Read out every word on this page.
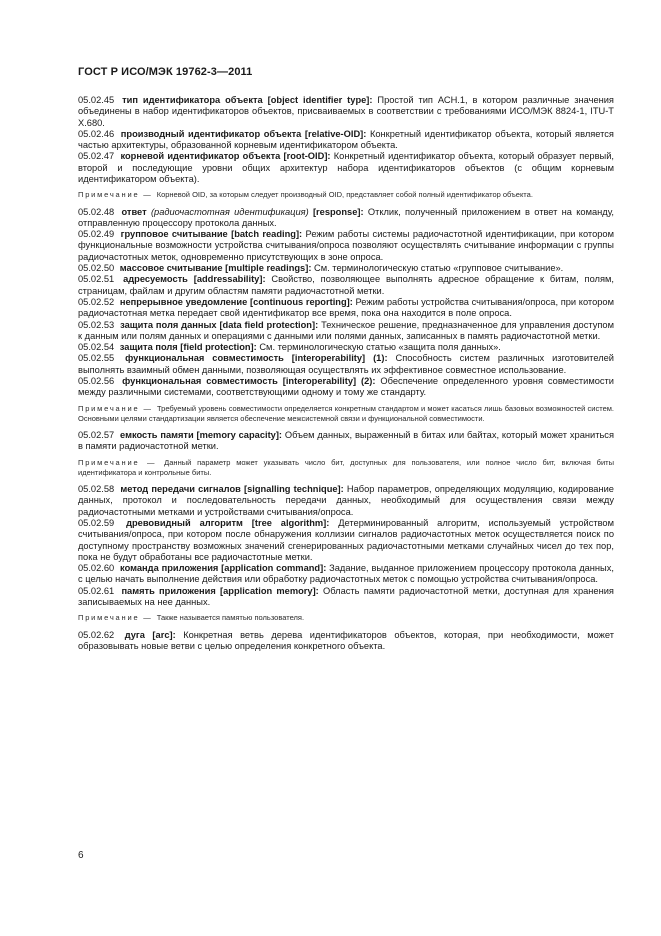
ГОСТ Р ИСО/МЭК 19762-3—2011

05.02.45 тип идентификатора объекта [object identifier type]: Простой тип АСН.1, в котором различные значения объединены в набор идентификаторов объектов, присваиваемых в соответствии с требованиями ИСО/МЭК 8824-1, ITU-T X.680.

05.02.46 производный идентификатор объекта [relative-OID]: Конкретный идентификатор объекта, который является частью архитектуры, образованной корневым идентификатором объекта.

05.02.47 корневой идентификатор объекта [root-OID]: Конкретный идентификатор объекта, который образует первый, второй и последующие уровни общих архитектур набора идентификаторов объектов (с общим корневым идентификатором объекта).

Примечание — Корневой OID, за которым следует производный OID, представляет собой полный идентификатор объекта.

05.02.48 ответ (радиочастотная идентификация) [response]: Отклик, полученный приложением в ответ на команду, отправленную процессору протокола данных.

05.02.49 групповое считывание [batch reading]: Режим работы системы радиочастотной идентификации, при котором функциональные возможности устройства считывания/опроса позволяют осуществлять считывание информации с группы радиочастотных меток, одновременно присутствующих в зоне опроса.

05.02.50 массовое считывание [multiple readings]: См. терминологическую статью «групповое считывание».

05.02.51 адресуемость [addressability]: Свойство, позволяющее выполнять адресное обращение к битам, полям, страницам, файлам и другим областям памяти радиочастотной метки.

05.02.52 непрерывное уведомление [continuous reporting]: Режим работы устройства считывания/опроса, при котором радиочастотная метка передает свой идентификатор все время, пока она находится в поле опроса.

05.02.53 защита поля данных [data field protection]: Техническое решение, предназначенное для управления доступом к данным или полям данных и операциями с данными или полями данных, записанных в память радиочастотной метки.

05.02.54 защита поля [field protection]: См. терминологическую статью «защита поля данных».

05.02.55 функциональная совместимость [interoperability] (1): Способность систем различных изготовителей выполнять взаимный обмен данными, позволяющая осуществлять их эффективное совместное использование.

05.02.56 функциональная совместимость [interoperability] (2): Обеспечение определенного уровня совместимости между различными системами, соответствующими одному и тому же стандарту.

Примечание — Требуемый уровень совместимости определяется конкретным стандартом и может касаться лишь базовых возможностей систем. Основными целями стандартизации является обеспечение межсистемной связи и функциональной совместимости.

05.02.57 емкость памяти [memory capacity]: Объем данных, выраженный в битах или байтах, который может храниться в памяти радиочастотной метки.

Примечание — Данный параметр может указывать число бит, доступных для пользователя, или полное число бит, включая биты идентификатора и контрольные биты.

05.02.58 метод передачи сигналов [signalling technique]: Набор параметров, определяющих модуляцию, кодирование данных, протокол и последовательность передачи данных, необходимый для осуществления связи между радиочастотными метками и устройствами считывания/опроса.

05.02.59 древовидный алгоритм [tree algorithm]: Детерминированный алгоритм, используемый устройством считывания/опроса, при котором после обнаружения коллизии сигналов радиочастотных меток осуществляется поиск по доступному пространству возможных значений сгенерированных радиочастотными метками случайных чисел до тех пор, пока не будут обработаны все радиочастотные метки.

05.02.60 команда приложения [application command]: Задание, выданное приложением процессору протокола данных, с целью начать выполнение действия или обработку радиочастотных меток с помощью устройства считывания/опроса.

05.02.61 память приложения [application memory]: Область памяти радиочастотной метки, доступная для хранения записываемых на нее данных.

Примечание — Также называется памятью пользователя.

05.02.62 дуга [arc]: Конкретная ветвь дерева идентификаторов объектов, которая, при необходимости, может образовывать новые ветви с целью определения конкретного объекта.

6
